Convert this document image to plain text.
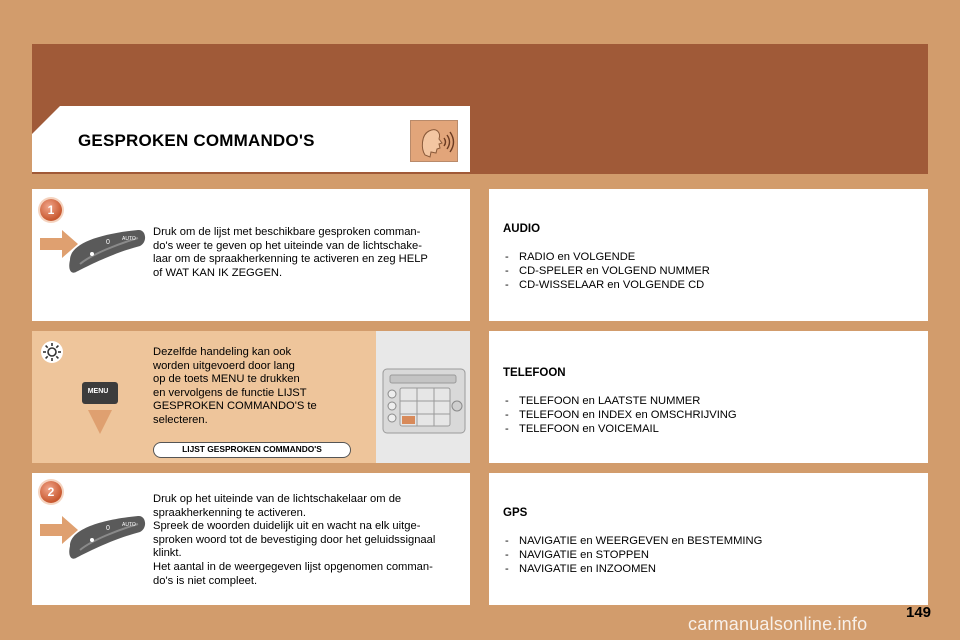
GESPROKEN COMMANDO'S
1
0 AUTO
Druk om de lijst met beschikbare gesproken comman-
do's weer te geven op het uiteinde van de lichtschake-
laar om de spraakherkenning te activeren en zeg HELP
of WAT KAN IK ZEGGEN.
MENU
Dezelfde handeling kan ook
worden uitgevoerd door lang
op de toets MENU te drukken
en vervolgens de functie LIJST
GESPROKEN COMMANDO'S te
selecteren.
LIJST GESPROKEN COMMANDO'S
2
0 AUTO
Druk op het uiteinde van de lichtschakelaar om de
spraakherkenning te activeren.
Spreek de woorden duidelijk uit en wacht na elk uitge-
sproken woord tot de bevestiging door het geluidssignaal
klinkt.
Het aantal in de weergegeven lijst opgenomen comman-
do's is niet compleet.
AUDIO
- RADIO en VOLGENDE
- CD-SPELER en VOLGEND NUMMER
- CD-WISSELAAR en VOLGENDE CD
TELEFOON
- TELEFOON en LAATSTE NUMMER
- TELEFOON en INDEX en OMSCHRIJVING
- TELEFOON en VOICEMAIL
GPS
- NAVIGATIE en WEERGEVEN en BESTEMMING
- NAVIGATIE en STOPPEN
- NAVIGATIE en INZOOMEN
149
carmanualsonline.info
